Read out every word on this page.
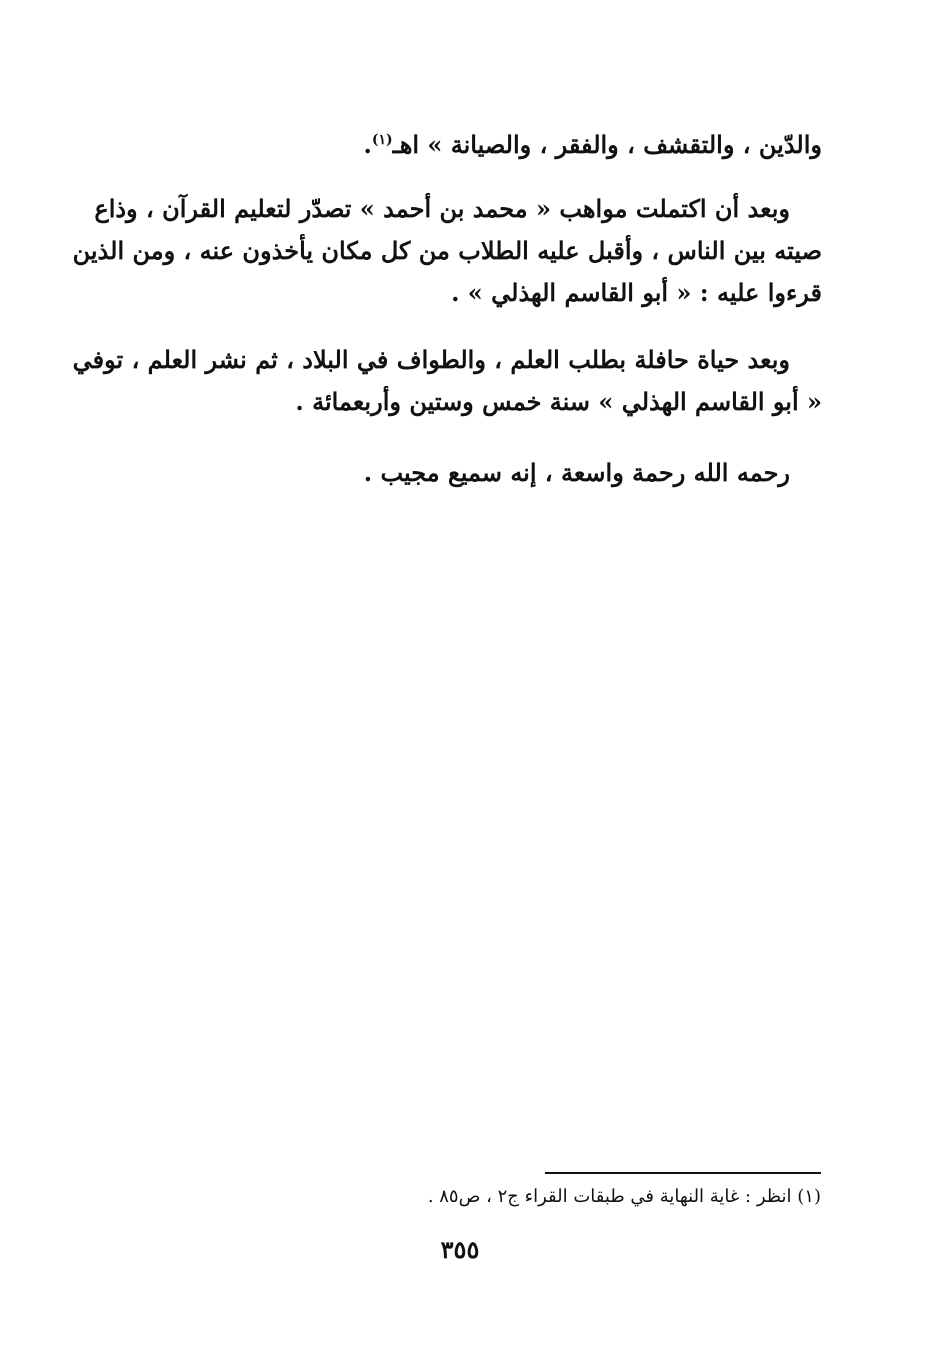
والدّين ، والتقشف ، والفقر ، والصيانة » اهـ$^{(١)}$.
وبعد أن اكتملت مواهب « محمد بن أحمد » تصدّر لتعليم القرآن ، وذاع
صيته بين الناس ، وأقبل عليه الطلاب من كل مكان يأخذون عنه ، ومن الذين
قرءوا عليه : « أبو القاسم الهذلي » .
وبعد حياة حافلة بطلب العلم ، والطواف في البلاد ، ثم نشر العلم ، توفي
« أبو القاسم الهذلي » سنة خمس وستين وأربعمائة .
رحمه الله رحمة واسعة ، إنه سميع مجيب .
(١) انظر : غاية النهاية في طبقات القراء ج٢ ، ص٨٥ .
٣٥٥
